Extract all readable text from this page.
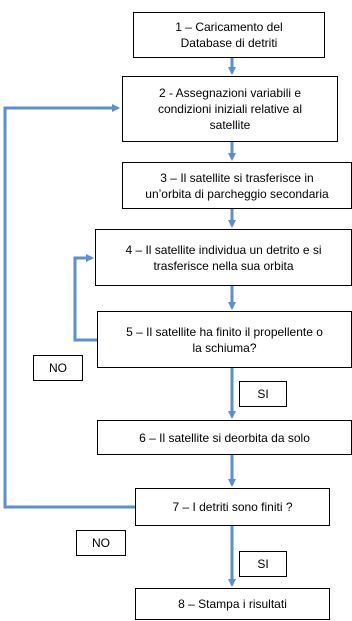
1 – Caricamento del
Database di detriti
2 - Assegnazioni variabili e
condizioni iniziali relative al
satellite
3 – Il satellite si trasferisce in
un’orbita di parcheggio secondaria
4 – Il satellite individua un detrito e si
trasferisce nella sua orbita
5 – Il satellite ha finito il propellente o
la schiuma?
6 – Il satellite si deorbita da solo
7 – I detriti sono finiti ?
8 – Stampa i risultati
NO
SI
NO
SI
